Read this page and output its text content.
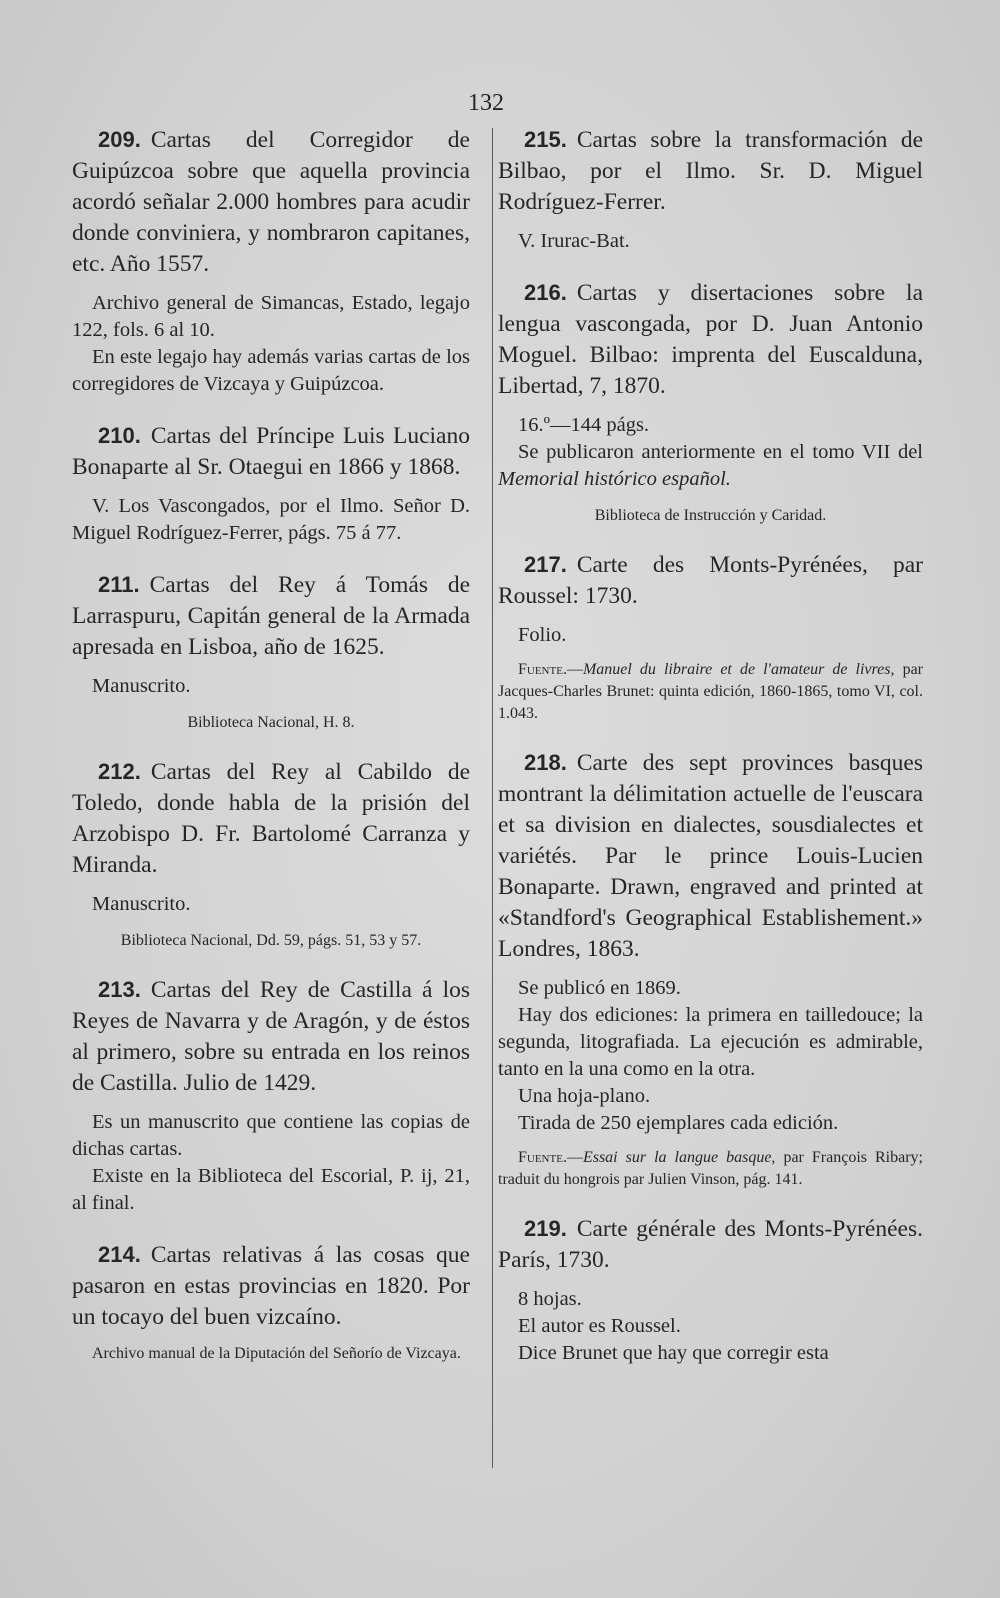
132

209. Cartas del Corregidor de Guipúzcoa sobre que aquella provincia acordó señalar 2.000 hombres para acudir donde conviniera, y nombraron capitanes, etc. Año 1557.

Archivo general de Simancas, Estado, legajo 122, fols. 6 al 10.

En este legajo hay además varias cartas de los corregidores de Vizcaya y Guipúzcoa.

210. Cartas del Príncipe Luis Luciano Bonaparte al Sr. Otaegui en 1866 y 1868.

V. Los Vascongados, por el Ilmo. Señor D. Miguel Rodríguez-Ferrer, págs. 75 á 77.

211. Cartas del Rey á Tomás de Larraspuru, Capitán general de la Armada apresada en Lisboa, año de 1625.

Manuscrito.

Biblioteca Nacional, H. 8.

212. Cartas del Rey al Cabildo de Toledo, donde habla de la prisión del Arzobispo D. Fr. Bartolomé Carranza y Miranda.

Manuscrito.

Biblioteca Nacional, Dd. 59, págs. 51, 53 y 57.

213. Cartas del Rey de Castilla á los Reyes de Navarra y de Aragón, y de éstos al primero, sobre su entrada en los reinos de Castilla. Julio de 1429.

Es un manuscrito que contiene las copias de dichas cartas.

Existe en la Biblioteca del Escorial, P. ij, 21, al final.

214. Cartas relativas á las cosas que pasaron en estas provincias en 1820. Por un tocayo del buen vizcaíno.

Archivo manual de la Diputación del Señorío de Vizcaya.

215. Cartas sobre la transformación de Bilbao, por el Ilmo. Sr. D. Miguel Rodríguez-Ferrer.

V. Irurac-Bat.

216. Cartas y disertaciones sobre la lengua vascongada, por D. Juan Antonio Moguel. Bilbao: imprenta del Euscalduna, Libertad, 7, 1870.

16.º—144 págs.

Se publicaron anteriormente en el tomo VII del Memorial histórico español.

Biblioteca de Instrucción y Caridad.

217. Carte des Monts-Pyrénées, par Roussel: 1730.

Folio.

Fuente.—Manuel du libraire et de l'amateur de livres, par Jacques-Charles Brunet: quinta edición, 1860-1865, tomo VI, col. 1.043.

218. Carte des sept provinces basques montrant la délimitation actuelle de l'euscara et sa division en dialectes, sousdialectes et variétés. Par le prince Louis-Lucien Bonaparte. Drawn, engraved and printed at «Standford's Geographical Establishement.» Londres, 1863.

Se publicó en 1869.

Hay dos ediciones: la primera en tailledouce; la segunda, litografiada. La ejecución es admirable, tanto en la una como en la otra.

Una hoja-plano.

Tirada de 250 ejemplares cada edición.

Fuente.—Essai sur la langue basque, par François Ribary; traduit du hongrois par Julien Vinson, pág. 141.

219. Carte générale des Monts-Pyrénées. París, 1730.

8 hojas.

El autor es Roussel.

Dice Brunet que hay que corregir esta
